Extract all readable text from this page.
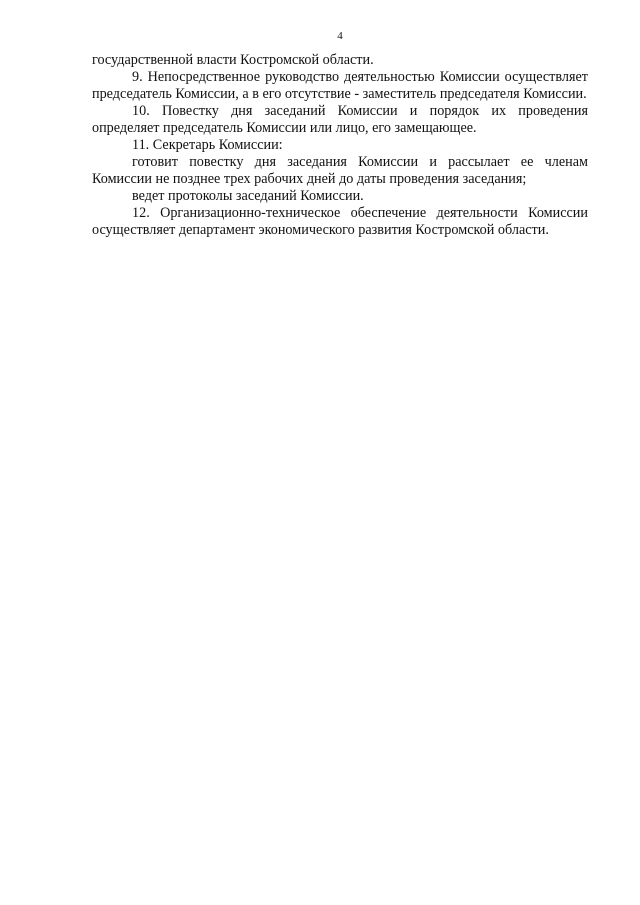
4

государственной власти Костромской области.

9. Непосредственное руководство деятельностью Комиссии осуществляет председатель Комиссии, а в его отсутствие - заместитель председателя Комиссии.

10. Повестку дня заседаний Комиссии и порядок их проведения определяет председатель Комиссии или лицо, его замещающее.

11. Секретарь Комиссии:

готовит повестку дня заседания Комиссии и рассылает ее членам Комиссии не позднее трех рабочих дней до даты проведения заседания;

ведет протоколы заседаний Комиссии.

12. Организационно-техническое обеспечение деятельности Комиссии осуществляет департамент экономического развития Костромской области.
